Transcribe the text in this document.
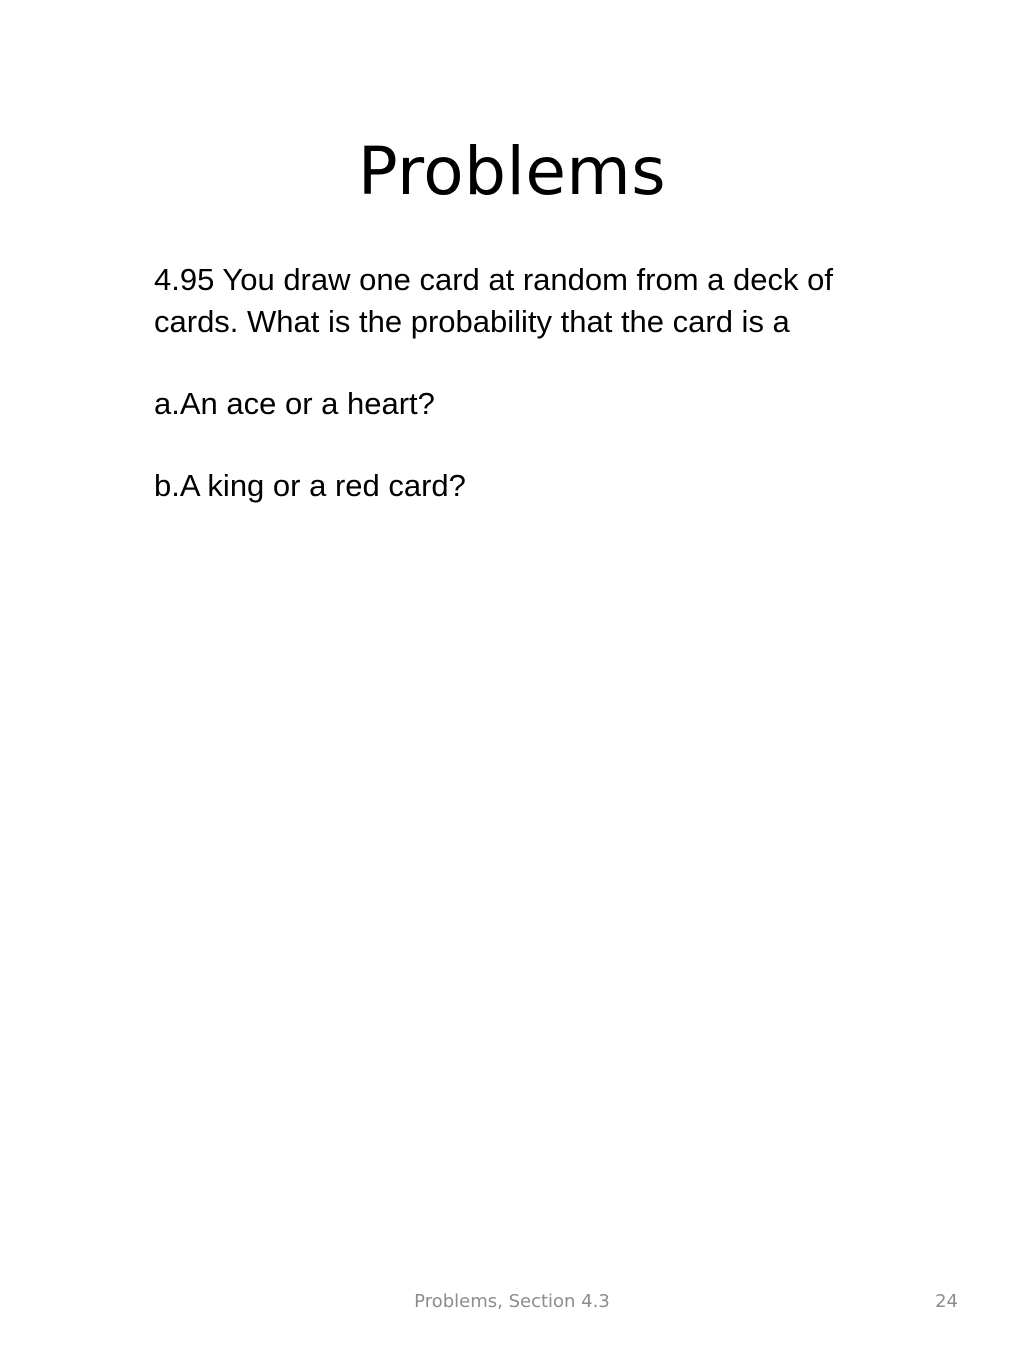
Problems

4.95 You draw one card at random from a deck of

cards. What is the probability that the card is a

a.An ace or a heart?

b.A king or a red card?

Problems, Section 4.3	24
